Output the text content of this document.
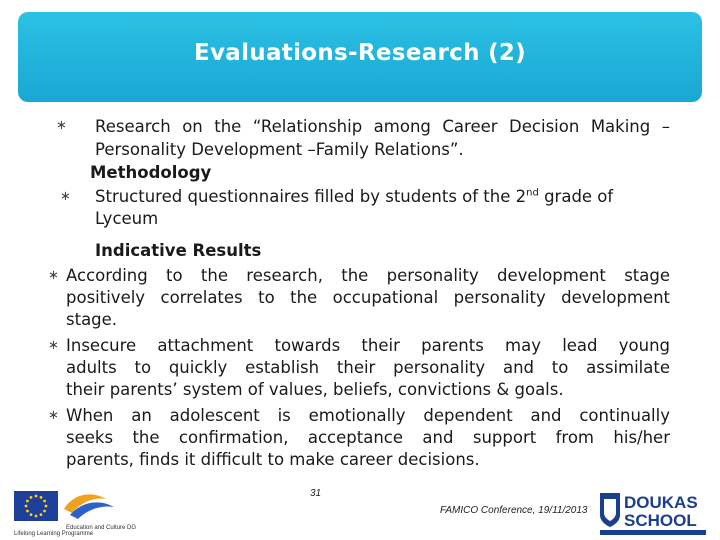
Evaluations-Research (2)
∗ Research on the “Relationship among Career Decision Making –
Personality Development –Family Relations”.
Methodology
∗ Structured questionnaires filled by students of the 2nd grade of
Lyceum
Indicative Results
∗ According to the research, the personality development stage
positively correlates to the occupational personality development
stage.
∗ Insecure attachment towards their parents may lead young
adults to quickly establish their personality and to assimilate
their parents’ system of values, beliefs, convictions & goals.
∗ When an adolescent is emotionally dependent and continually
seeks the confirmation, acceptance and support from his/her
parents, finds it difficult to make career decisions.
Education and Culture DG
Lifelong Learning Programme
31
FAMICO Conference, 19/11/2013 DOUKAS
SCHOOL
